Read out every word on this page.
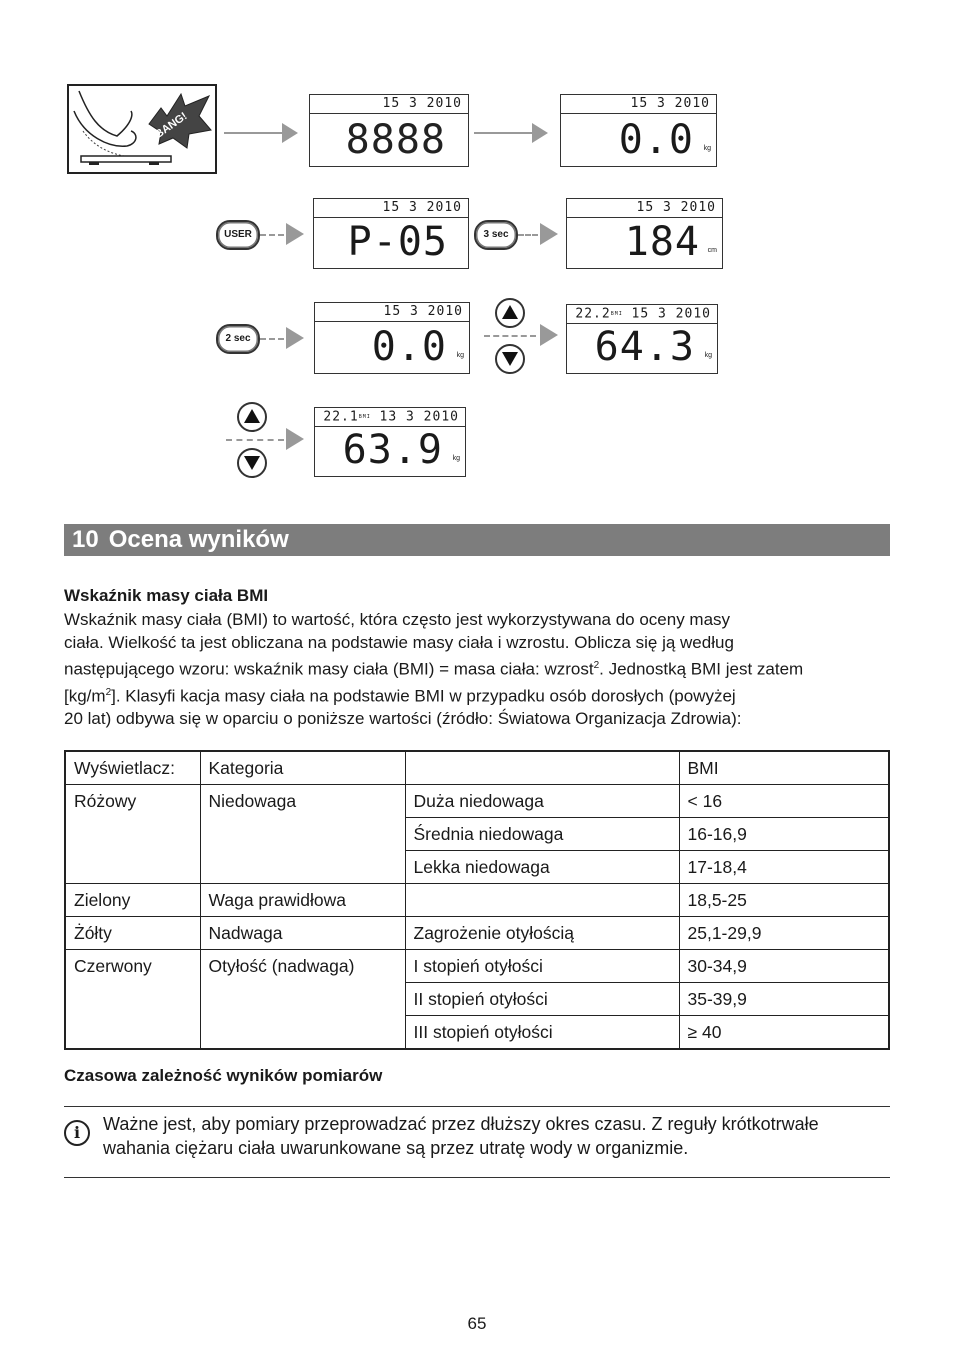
BANG!
15 3 2010
8888
15 3 2010
0.0 kg
USER
15 3 2010
P-05	3 sec
15 3 2010
184 cm
2 sec
15 3 2010
0.0 kg
22.2BMI 15 3 2010
64.3 kg
22.1BMI 13 3 2010
63.9 kg
10 Ocena wyników
Wskaźnik masy ciała BMI
Wskaźnik masy ciała (BMI) to wartość, która często jest wykorzystywana do oceny masy
ciała. Wielkość ta jest obliczana na podstawie masy ciała i wzrostu. Oblicza się ją według
następującego wzoru: wskaźnik masy ciała (BMI) = masa ciała: wzrost$^2$. Jednostką BMI jest zatem
$[kg/m^2]$. Klasyfi kacja masy ciała na podstawie BMI w przypadku osób dorosłych (powyżej
20 lat) odbywa się w oparciu o poniższe wartości (źródło: Światowa Organizacja Zdrowia):
Wyświetlacz:	Kategoria		BMI
Różowy	Niedowaga	Duża niedowaga	< 16
		Średnia niedowaga	16-16,9
		Lekka niedowaga	17-18,4
Zielony	Waga prawidłowa		18,5-25
Żółty	Nadwaga	Zagrożenie otyłością	25,1-29,9
Czerwony	Otyłość (nadwaga)	I stopień otyłości	30-34,9
		II stopień otyłości	35-39,9
		III stopień otyłości	≥ 40
Czasowa zależność wyników pomiarów
i	Ważne jest, aby pomiary przeprowadzać przez dłuższy okres czasu. Z reguły krótkotrwałe
wahania ciężaru ciała uwarunkowane są przez utratę wody w organizmie.
65
